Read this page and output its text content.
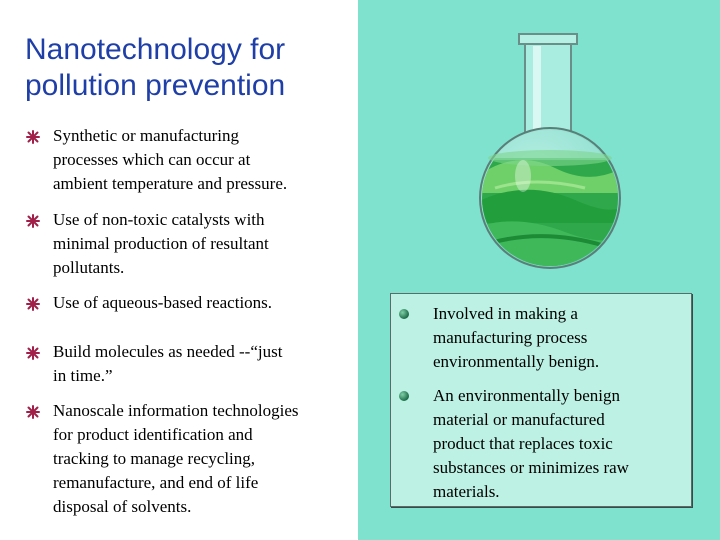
Nanotechnology for
pollution prevention
Synthetic or manufacturing
processes which can occur at
ambient temperature and pressure.
Use of non-toxic catalysts with
minimal production of resultant
pollutants.
Use of aqueous-based reactions.
Build molecules as needed --“just
in time.”
Nanoscale information technologies
for product identification and
tracking to manage recycling,
remanufacture, and end of life
disposal of solvents.
Involved in making a
manufacturing process
environmentally benign.
An environmentally benign
material or manufactured
product that replaces toxic
substances or minimizes raw
materials.
